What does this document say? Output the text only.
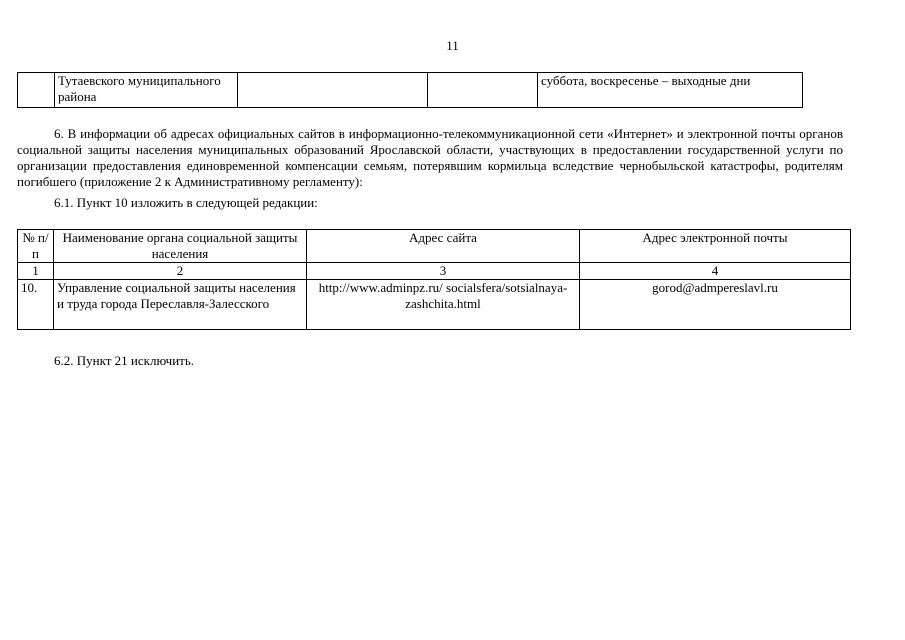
11
	Тутаевского муниципального района			суббота, воскресенье – выходные дни
6. В информации об адресах официальных сайтов в информационно-телекоммуникационной сети «Интернет» и электронной почты органов социальной защиты населения муниципальных образований Ярославской области, участвующих в предоставлении государственной услуги по организации предоставления единовременной компенсации семьям, потерявшим кормильца вследствие чернобыльской катастрофы, родителям погибшего (приложение 2 к Административному регламенту):
6.1. Пункт 10 изложить в следующей редакции:
№ п/п	Наименование органа социальной защиты населения	Адрес сайта	Адрес электронной почты
1	2	3	4
10.	Управление социальной защиты населения и труда города Переславля-Залесского	http://www.adminpz.ru/ socialsfera/sotsialnaya-zashchita.html	gorod@admpereslavl.ru
6.2. Пункт 21 исключить.
